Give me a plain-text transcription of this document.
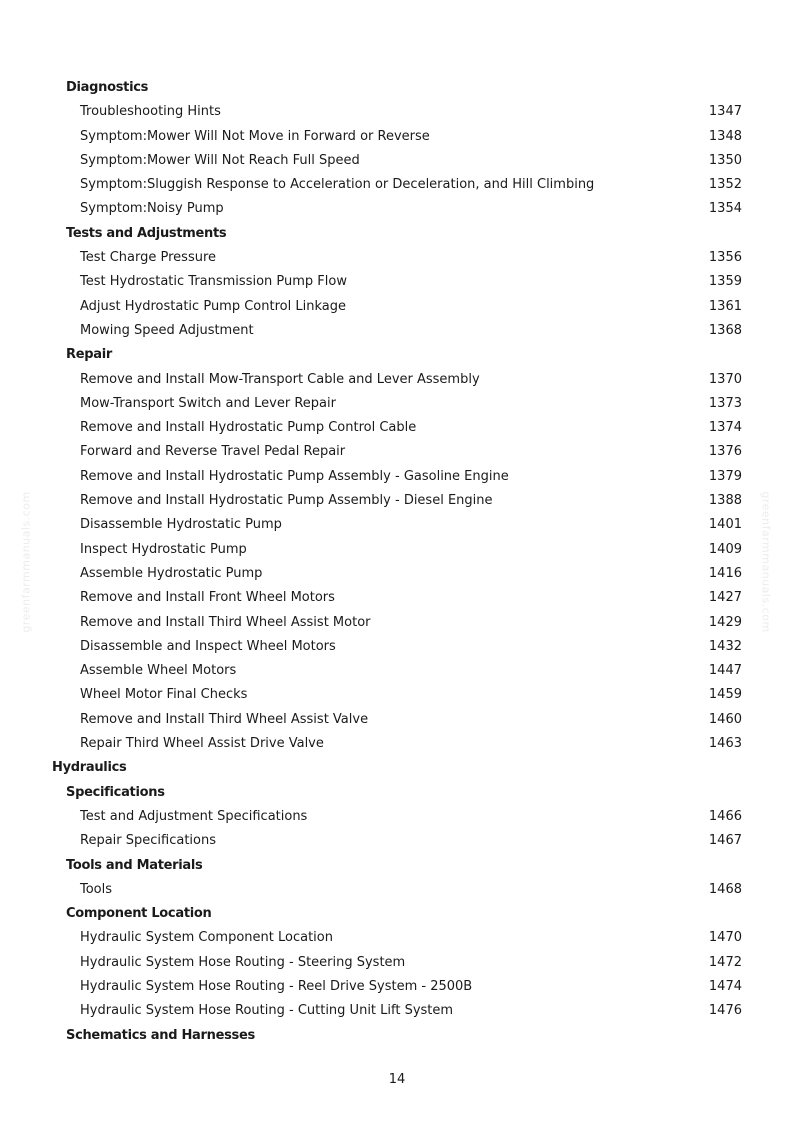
Diagnostics
Troubleshooting Hints	1347
Symptom:Mower Will Not Move in Forward or Reverse	1348
Symptom:Mower Will Not Reach Full Speed	1350
Symptom:Sluggish Response to Acceleration or Deceleration, and Hill Climbing	1352
Symptom:Noisy Pump	1354
Tests and Adjustments
Test Charge Pressure	1356
Test Hydrostatic Transmission Pump Flow	1359
Adjust Hydrostatic Pump Control Linkage	1361
Mowing Speed Adjustment	1368
Repair
Remove and Install Mow-Transport Cable and Lever Assembly	1370
Mow-Transport Switch and Lever Repair	1373
Remove and Install Hydrostatic Pump Control Cable	1374
Forward and Reverse Travel Pedal Repair	1376
Remove and Install Hydrostatic Pump Assembly - Gasoline Engine	1379
Remove and Install Hydrostatic Pump Assembly - Diesel Engine	1388
Disassemble Hydrostatic Pump	1401
Inspect Hydrostatic Pump	1409
Assemble Hydrostatic Pump	1416
Remove and Install Front Wheel Motors	1427
Remove and Install Third Wheel Assist Motor	1429
Disassemble and Inspect Wheel Motors	1432
Assemble Wheel Motors	1447
Wheel Motor Final Checks	1459
Remove and Install Third Wheel Assist Valve	1460
Repair Third Wheel Assist Drive Valve	1463
Hydraulics
Specifications
Test and Adjustment Specifications	1466
Repair Specifications	1467
Tools and Materials
Tools	1468
Component Location
Hydraulic System Component Location	1470
Hydraulic System Hose Routing - Steering System	1472
Hydraulic System Hose Routing - Reel Drive System - 2500B	1474
Hydraulic System Hose Routing - Cutting Unit Lift System	1476
Schematics and Harnesses
14
greenfarmmanuals.com	greenfarmmanuals.com
